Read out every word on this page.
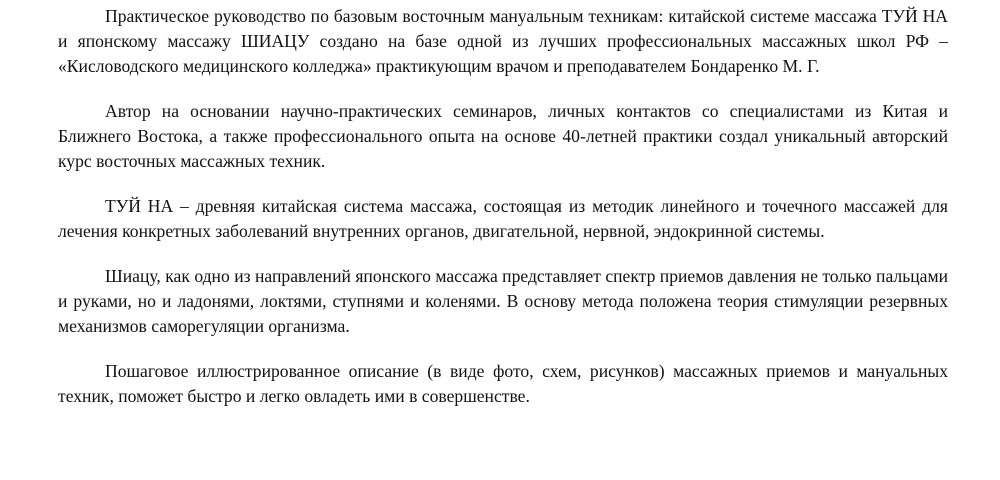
Практическое руководство по базовым восточным мануальным техникам: китайской системе массажа ТУЙ НА и японскому массажу ШИАЦУ создано на базе одной из лучших профессиональных массажных школ РФ – «Кисловодского медицинского колледжа» практикующим врачом и преподавателем Бондаренко М. Г.

Автор на основании научно-практических семинаров, личных контактов со специалистами из Китая и Ближнего Востока, а также профессионального опыта на основе 40-летней практики создал уникальный авторский курс восточных массажных техник.

ТУЙ НА – древняя китайская система массажа, состоящая из методик линейного и точечного массажей для лечения конкретных заболеваний внутренних органов, двигательной, нервной, эндокринной системы.

Шиацу, как одно из направлений японского массажа представляет спектр приемов давления не только пальцами и руками, но и ладонями, локтями, ступнями и коленями. В основу метода положена теория стимуляции резервных механизмов саморегуляции организма.

Пошаговое иллюстрированное описание (в виде фото, схем, рисунков) массажных приемов и мануальных техник, поможет быстро и легко овладеть ими в совершенстве.
